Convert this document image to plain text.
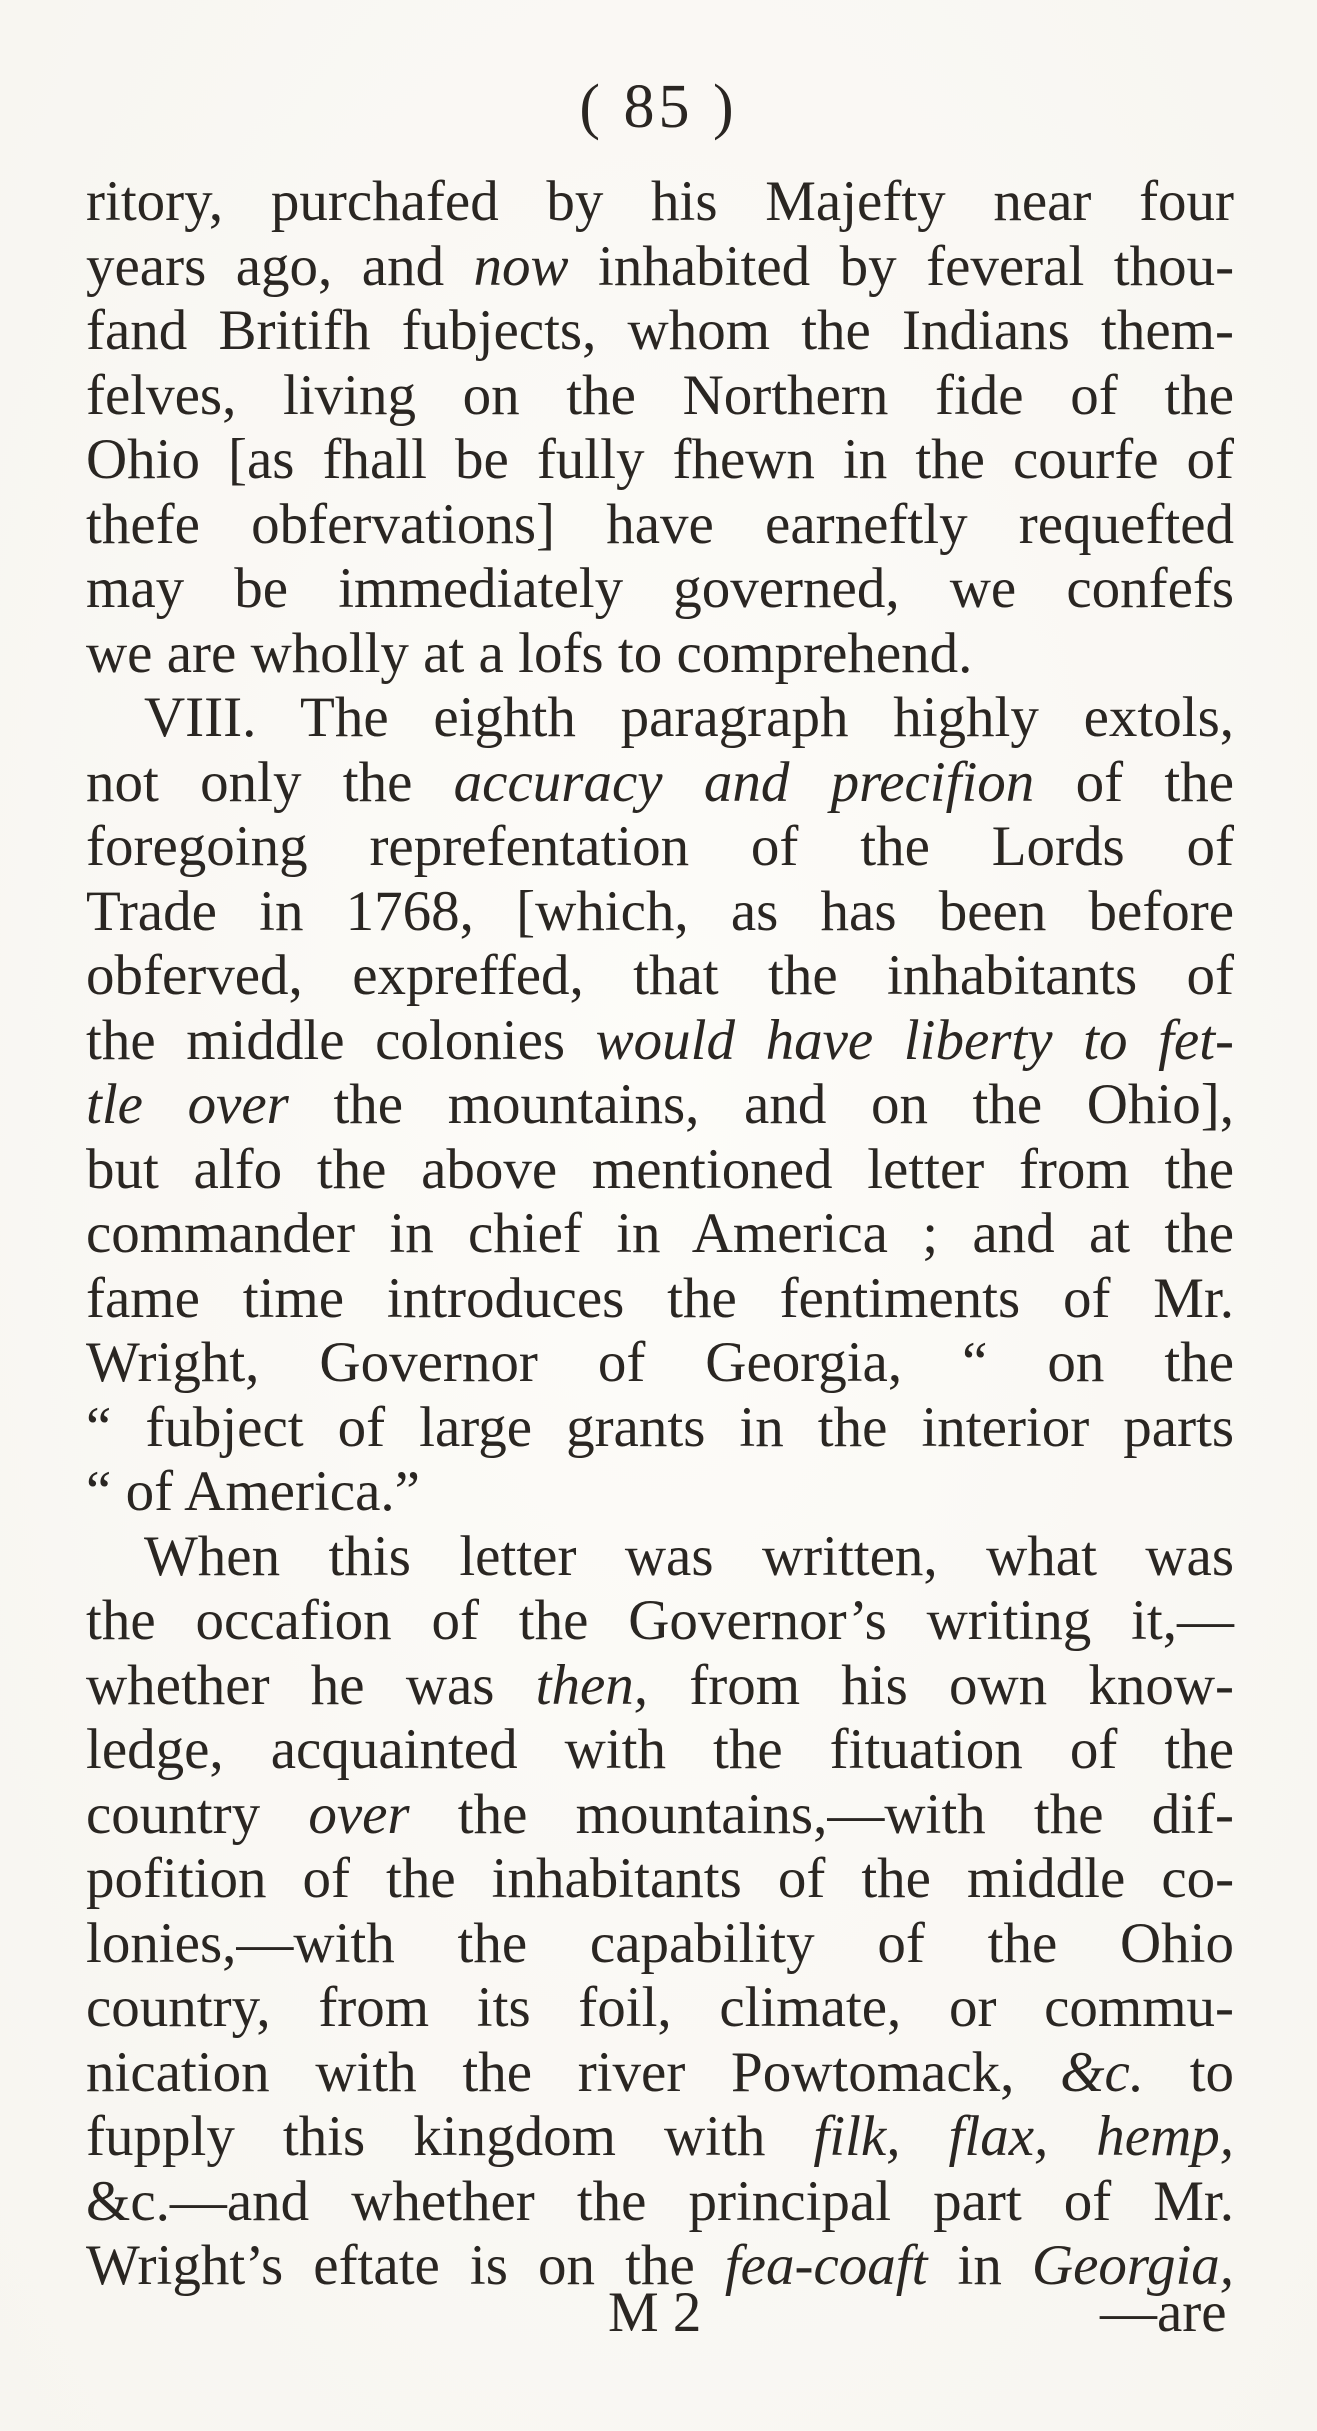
( 85 )
ritory, purchafed by his Majefty near four
years ago, and now inhabited by feveral thou-
fand Britifh fubjects, whom the Indians them-
felves, living on the Northern fide of the
Ohio [as fhall be fully fhewn in the courfe of
thefe obfervations] have earneftly requefted
may be immediately governed, we confefs
we are wholly at a lofs to comprehend.
VIII. The eighth paragraph highly extols,
not only the accuracy and precifion of the
foregoing reprefentation of the Lords of
Trade in 1768, [which, as has been before
obferved, expreffed, that the inhabitants of
the middle colonies would have liberty to fet-
tle over the mountains, and on the Ohio],
but alfo the above mentioned letter from the
commander in chief in America ; and at the
fame time introduces the fentiments of Mr.
Wright, Governor of Georgia, “ on the
“ fubject of large grants in the interior parts
“ of America.”
When this letter was written, what was
the occafion of the Governor’s writing it,—
whether he was then, from his own know-
ledge, acquainted with the fituation of the
country over the mountains,—with the dif-
pofition of the inhabitants of the middle co-
lonies,—with the capability of the Ohio
country, from its foil, climate, or commu-
nication with the river Powtomack, &c. to
fupply this kingdom with filk, flax, hemp,
&c.—and whether the principal part of Mr.
Wright’s eftate is on the fea-coaft in Georgia,
M 2	—are
